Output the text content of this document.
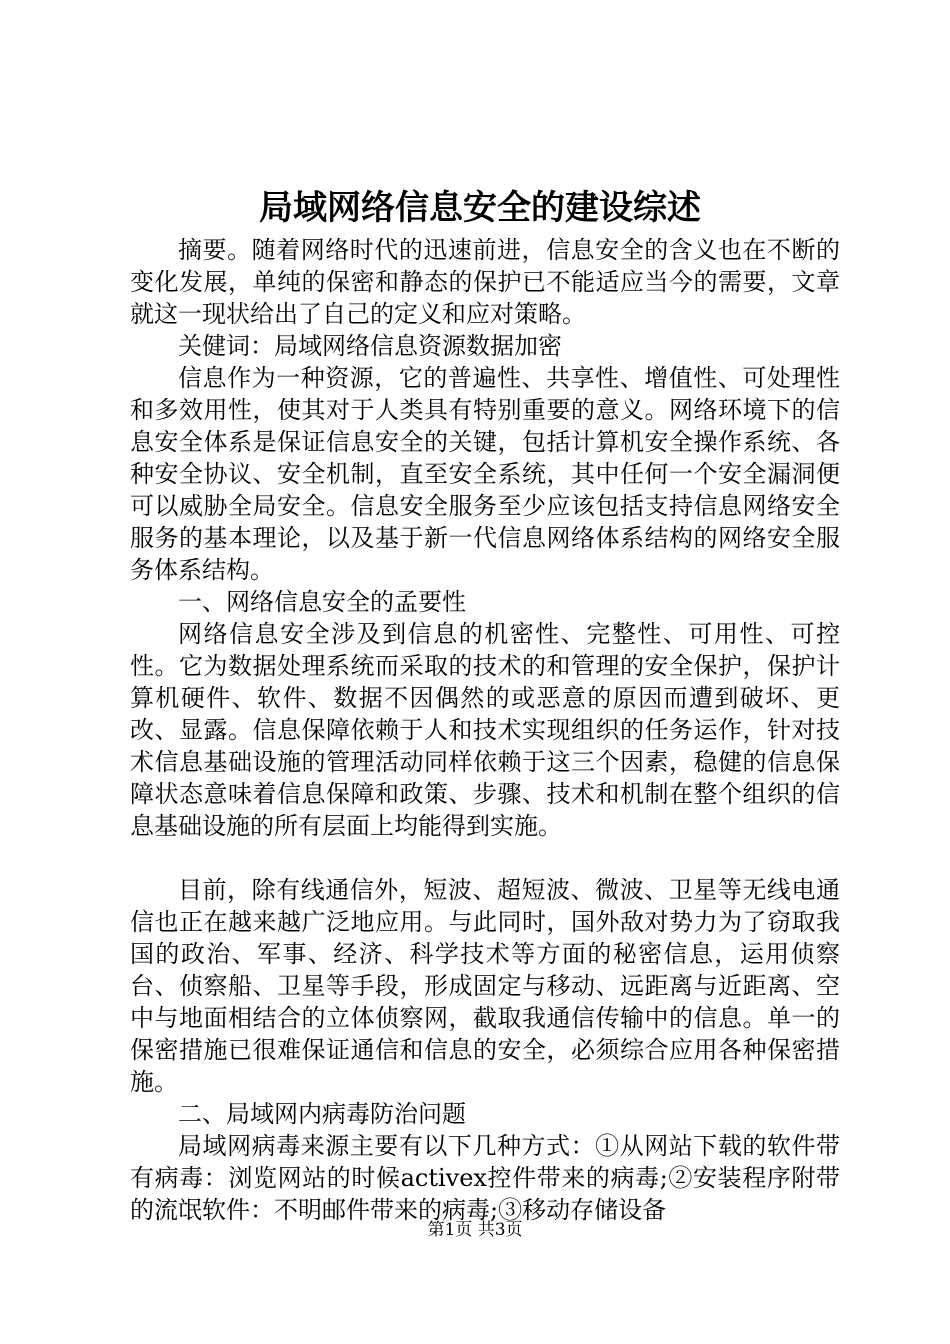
局域网络信息安全的建设综述

摘要。随着网络时代的迅速前进，信息安全的含义也在不断的变化发展，单纯的保密和静态的保护已不能适应当今的需要，文章就这一现状给出了自己的定义和应对策略。

关健词：局域网络信息资源数据加密

信息作为一种资源，它的普遍性、共享性、增值性、可处理性和多效用性，使其对于人类具有特别重要的意义。网络环境下的信息安全体系是保证信息安全的关键，包括计算机安全操作系统、各种安全协议、安全机制，直至安全系统，其中任何一个安全漏洞便可以威胁全局安全。信息安全服务至少应该包括支持信息网络安全服务的基本理论，以及基于新一代信息网络体系结构的网络安全服务体系结构。

一、网络信息安全的孟要性

网络信息安全涉及到信息的机密性、完整性、可用性、可控性。它为数据处理系统而采取的技术的和管理的安全保护，保护计算机硬件、软件、数据不因偶然的或恶意的原因而遭到破坏、更改、显露。信息保障依赖于人和技术实现组织的任务运作，针对技术信息基础设施的管理活动同样依赖于这三个因素，稳健的信息保障状态意味着信息保障和政策、步骤、技术和机制在整个组织的信息基础设施的所有层面上均能得到实施。

目前，除有线通信外，短波、超短波、微波、卫星等无线电通信也正在越来越广泛地应用。与此同时，国外敌对势力为了窃取我国的政治、军事、经济、科学技术等方面的秘密信息，运用侦察台、侦察船、卫星等手段，形成固定与移动、远距离与近距离、空中与地面相结合的立体侦察网，截取我通信传输中的信息。单一的保密措施已很难保证通信和信息的安全，必须综合应用各种保密措施。

二、局域网内病毒防治问题

局域网病毒来源主要有以下几种方式：①从网站下载的软件带有病毒：浏览网站的时候activex控件带来的病毒;②安装程序附带的流氓软件：不明邮件带来的病毒;③移动存储设备

第1页 共3页
